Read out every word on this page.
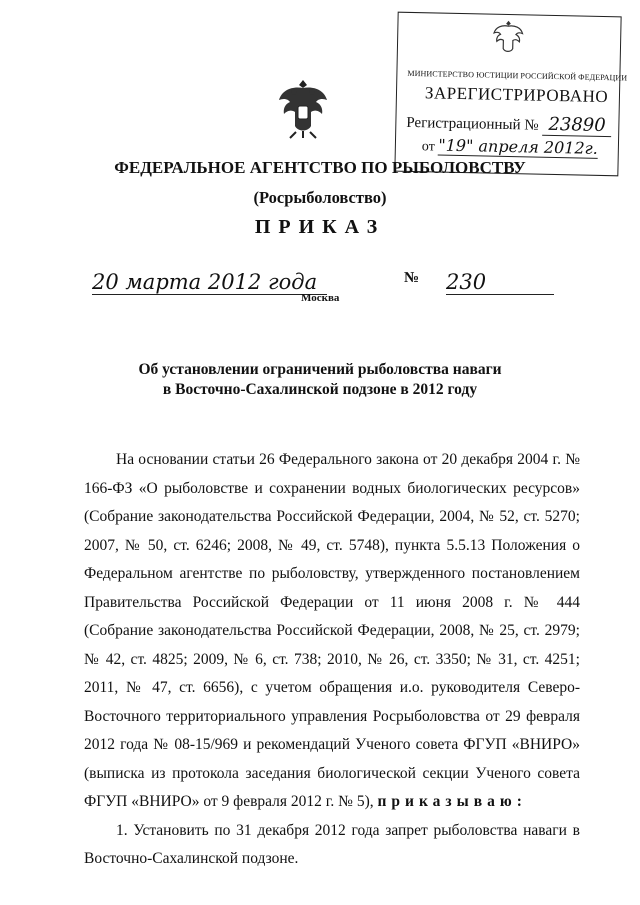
МИНИСТЕРСТВО ЮСТИЦИИ РОССИЙСКОЙ ФЕДЕРАЦИИ
ЗАРЕГИСТРИРОВАНО
Регистрационный № 23890
от "19" апреля 2012г.
ФЕДЕРАЛЬНОЕ АГЕНТСТВО ПО РЫБОЛОВСТВУ
(Росрыболовство)
ПРИКАЗ
20 марта 2012 года	№ 230
Москва
Об установлении ограничений рыболовства наваги
в Восточно-Сахалинской подзоне в 2012 году

На основании статьи 26 Федерального закона от 20 декабря 2004 г. № 166-ФЗ «О рыболовстве и сохранении водных биологических ресурсов» (Собрание законодательства Российской Федерации, 2004, № 52, ст. 5270; 2007, № 50, ст. 6246; 2008, № 49, ст. 5748), пункта 5.5.13 Положения о Федеральном агентстве по рыболовству, утвержденного постановлением Правительства Российской Федерации от 11 июня 2008 г. № 444 (Собрание законодательства Российской Федерации, 2008, № 25, ст. 2979; № 42, ст. 4825; 2009, № 6, ст. 738; 2010, № 26, ст. 3350; № 31, ст. 4251; 2011, № 47, ст. 6656), с учетом обращения и.о. руководителя Северо-Восточного территориального управления Росрыболовства от 29 февраля 2012 года № 08-15/969 и рекомендаций Ученого совета ФГУП «ВНИРО» (выписка из протокола заседания биологической секции Ученого совета ФГУП «ВНИРО» от 9 февраля 2012 г. № 5), приказываю:

1. Установить по 31 декабря 2012 года запрет рыболовства наваги в Восточно-Сахалинской подзоне.
